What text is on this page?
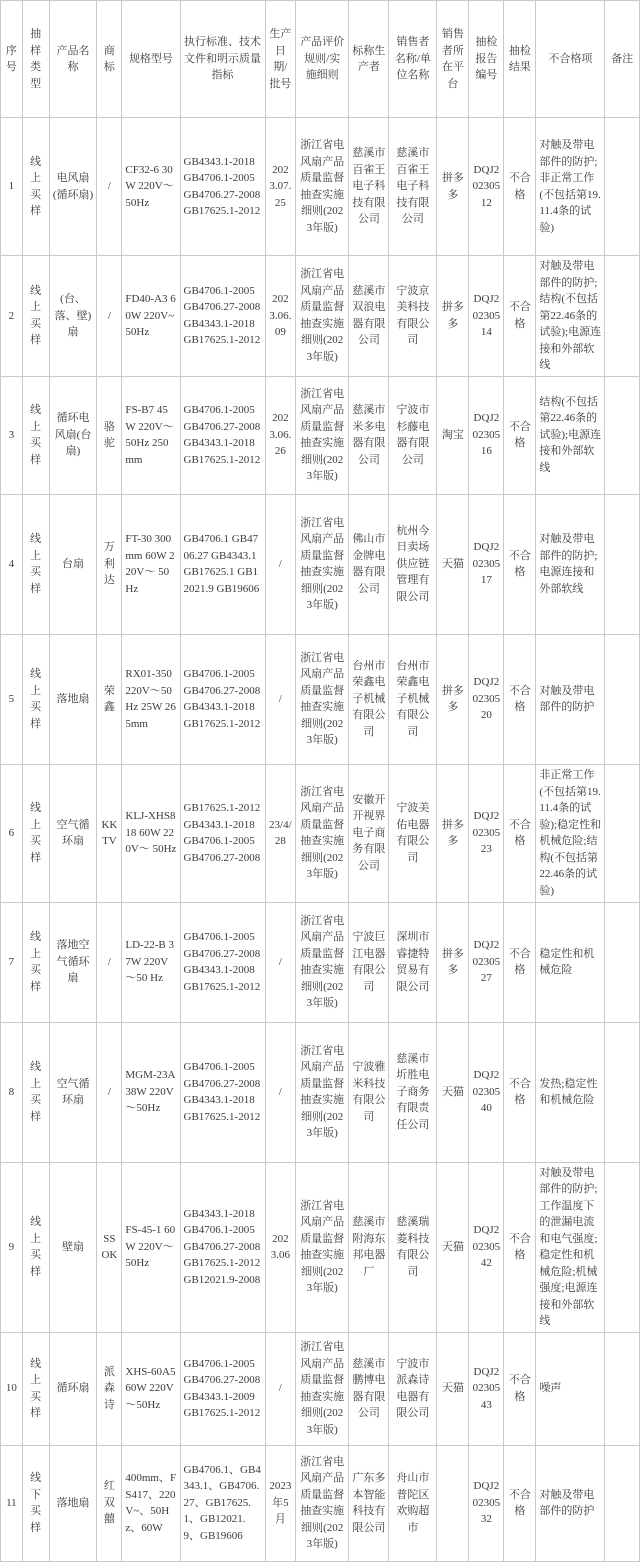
序号	抽样类型	产品名称	商标	规格型号	执行标准、技术文件和明示质量指标	生产日期/批号	产品评价规则/实施细则	标称生产者	销售者名称/单位名称	销售者所在平台	抽检报告编号	抽检结果	不合格项	备注
1	线上买样	电风扇(循环扇)	/	CF32-6 30W 220V～50Hz	GB4343.1-2018 GB4706.1-2005 GB4706.27-2008 GB17625.1-2012	2023.07.25	浙江省电风扇产品质量监督抽查实施细则(2023年版)	慈溪市百雀王电子科技有限公司	慈溪市百雀王电子科技有限公司	拼多多	DQJ20230512	不合格	对触及带电部件的防护;非正常工作(不包括第19.11.4条的试验)	
2	线上买样	(台、落、壁)扇	/	FD40-A3 60W 220V~ 50Hz	GB4706.1-2005 GB4706.27-2008 GB4343.1-2018 GB17625.1-2012	2023.06.09	浙江省电风扇产品质量监督抽查实施细则(2023年版)	慈溪市双浪电器有限公司	宁波京美科技有限公司	拼多多	DQJ20230514	不合格	对触及带电部件的防护;结构(不包括第22.46条的试验);电源连接和外部软线	
3	线上买样	循环电风扇(台扇)	骆驼	FS-B7 45W 220V～50Hz 250mm	GB4706.1-2005 GB4706.27-2008 GB4343.1-2018 GB17625.1-2012	2023.06.26	浙江省电风扇产品质量监督抽查实施细则(2023年版)	慈溪市米多电器有限公司	宁波市杉藤电器有限公司	淘宝	DQJ20230516	不合格	结构(不包括第22.46条的试验);电源连接和外部软线	
4	线上买样	台扇	万利达	FT-30 300mm 60W 220V～ 50Hz	GB4706.1 GB4706.27 GB4343.1 GB17625.1 GB12021.9 GB19606	/	浙江省电风扇产品质量监督抽查实施细则(2023年版)	佛山市金牌电器有限公司	杭州今日卖场供应链管理有限公司	天猫	DQJ20230517	不合格	对触及带电部件的防护;电源连接和外部软线	
5	线上买样	落地扇	荣鑫	RX01-350 220V～50Hz 25W 265mm	GB4706.1-2005 GB4706.27-2008 GB4343.1-2018 GB17625.1-2012	/	浙江省电风扇产品质量监督抽查实施细则(2023年版)	台州市荣鑫电子机械有限公司	台州市荣鑫电子机械有限公司	拼多多	DQJ20230520	不合格	对触及带电部件的防护	
6	线上买样	空气循环扇	KKTV	KLJ-XHS818 60W 220V～ 50Hz	GB17625.1-2012 GB4343.1-2018 GB4706.1-2005 GB4706.27-2008	23/4/28	浙江省电风扇产品质量监督抽查实施细则(2023年版)	安徽开开视界电子商务有限公司	宁波美佑电器有限公司	拼多多	DQJ20230523	不合格	非正常工作(不包括第19.11.4条的试验);稳定性和机械危险;结构(不包括第22.46条的试验)	
7	线上买样	落地空气循环扇	/	LD-22-B 37W 220V～50 Hz	GB4706.1-2005 GB4706.27-2008 GB4343.1-2008 GB17625.1-2012	/	浙江省电风扇产品质量监督抽查实施细则(2023年版)	宁波巨江电器有限公司	深圳市睿捷特贸易有限公司	拼多多	DQJ20230527	不合格	稳定性和机械危险	
8	线上买样	空气循环扇	/	MGM-23A 38W 220V～50Hz	GB4706.1-2005 GB4706.27-2008 GB4343.1-2018 GB17625.1-2012	/	浙江省电风扇产品质量监督抽查实施细则(2023年版)	宁波雅米科技有限公司	慈溪市圻胜电子商务有限责任公司	天猫	DQJ20230540	不合格	发热;稳定性和机械危险	
9	线上买样	壁扇	SSOK	FS-45-1 60W 220V～ 50Hz	GB4343.1-2018 GB4706.1-2005 GB4706.27-2008 GB17625.1-2012 GB12021.9-2008	2023.06	浙江省电风扇产品质量监督抽查实施细则(2023年版)	慈溪市附海东邦电器厂	慈溪瑞菱科技有限公司	天猫	DQJ20230542	不合格	对触及带电部件的防护;工作温度下的泄漏电流和电气强度;稳定性和机械危险;机械强度;电源连接和外部软线	
10	线上买样	循环扇	派森诗	XHS-60A5 60W 220V～50Hz	GB4706.1-2005 GB4706.27-2008 GB4343.1-2009 GB17625.1-2012	/	浙江省电风扇产品质量监督抽查实施细则(2023年版)	慈溪市鹏博电器有限公司	宁波市派森诗电器有限公司	天猫	DQJ20230543	不合格	噪声	
11	线下买样	落地扇	红双囍	400mm、FS417、220V~、50Hz、60W	GB4706.1、GB4343.1、GB4706.27、GB17625.1、GB12021.9、GB19606	2023年5月	浙江省电风扇产品质量监督抽查实施细则(2023年版)	广东多本智能科技有限公司	舟山市普陀区欢购超市		DQJ20230532	不合格	对触及带电部件的防护	
